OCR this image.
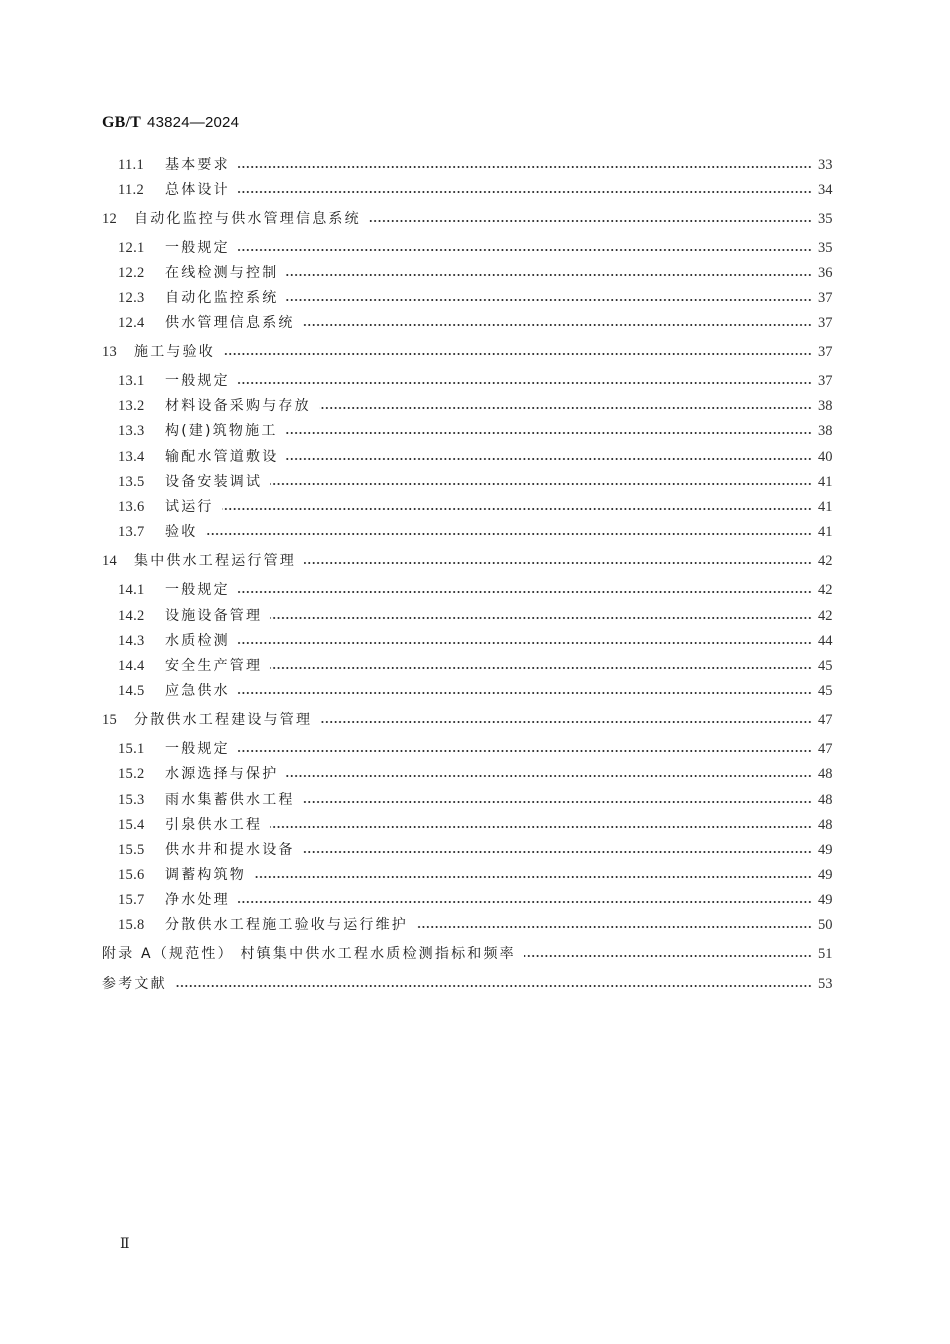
GB/T 43824—2024
11.1 基本要求	33
11.2 总体设计	34
12 自动化监控与供水管理信息系统	35
12.1 一般规定	35
12.2 在线检测与控制	36
12.3 自动化监控系统	37
12.4 供水管理信息系统	37
13 施工与验收	37
13.1 一般规定	37
13.2 材料设备采购与存放	38
13.3 构(建)筑物施工	38
13.4 输配水管道敷设	40
13.5 设备安装调试	41
13.6 试运行	41
13.7 验收	41
14 集中供水工程运行管理	42
14.1 一般规定	42
14.2 设施设备管理	42
14.3 水质检测	44
14.4 安全生产管理	45
14.5 应急供水	45
15 分散供水工程建设与管理	47
15.1 一般规定	47
15.2 水源选择与保护	48
15.3 雨水集蓄供水工程	48
15.4 引泉供水工程	48
15.5 供水井和提水设备	49
15.6 调蓄构筑物	49
15.7 净水处理	49
15.8 分散供水工程施工验收与运行维护	50
附录 A（规范性） 村镇集中供水工程水质检测指标和频率	51
参考文献	53
Ⅱ
